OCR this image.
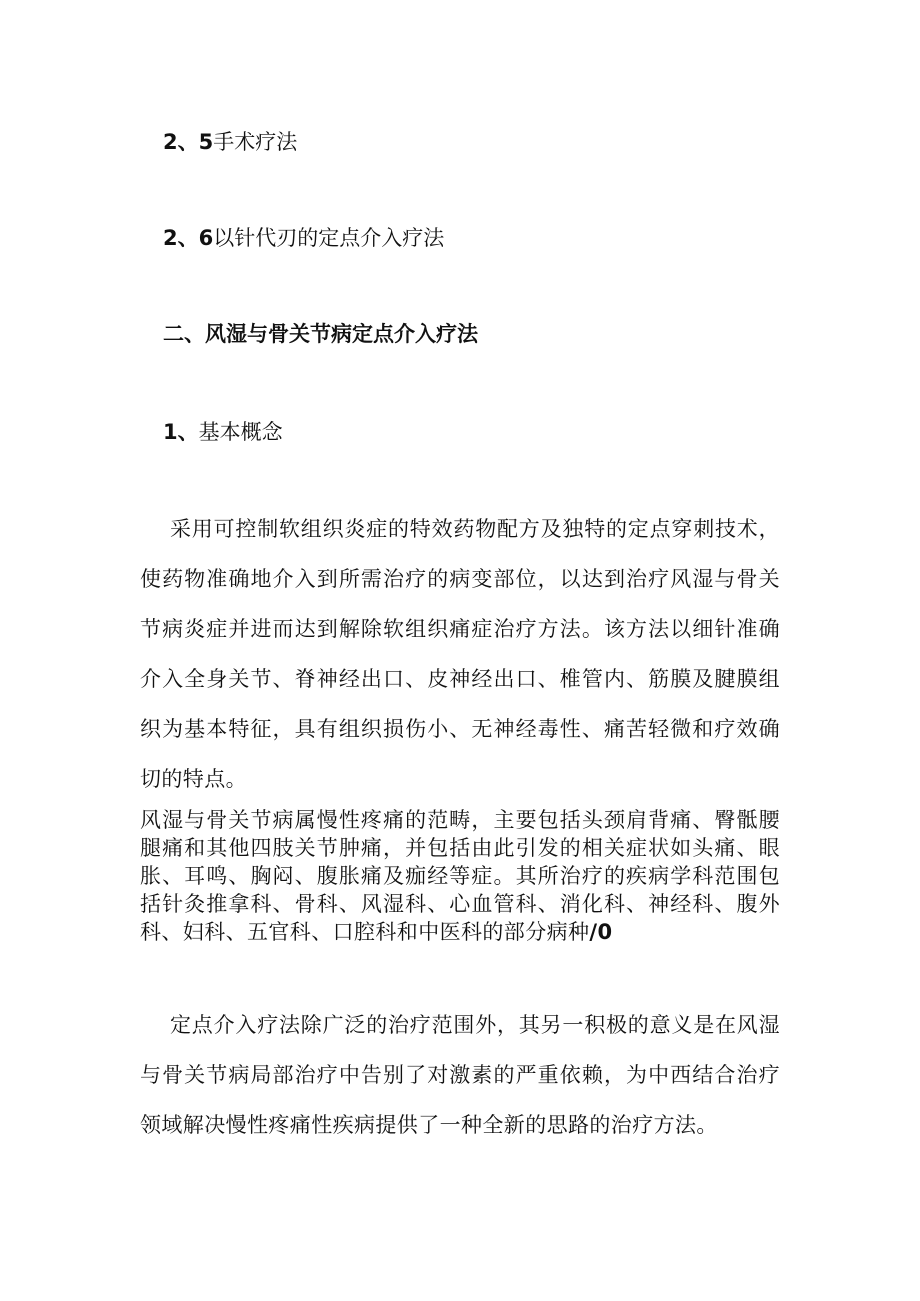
2、5手术疗法
2、6以针代刃的定点介入疗法
二、风湿与骨关节病定点介入疗法
1、基本概念

采用可控制软组织炎症的特效药物配方及独特的定点穿刺技术，使药物准确地介入到所需治疗的病变部位，以达到治疗风湿与骨关节病炎症并进而达到解除软组织痛症治疗方法。该方法以细针准确介入全身关节、脊神经出口、皮神经出口、椎管内、筋膜及腱膜组织为基本特征，具有组织损伤小、无神经毒性、痛苦轻微和疗效确切的特点。

风湿与骨关节病属慢性疼痛的范畴，主要包括头颈肩背痛、臀骶腰腿痛和其他四肢关节肿痛，并包括由此引发的相关症状如头痛、眼胀、耳鸣、胸闷、腹胀痛及痂经等症。其所治疗的疾病学科范围包括针灸推拿科、骨科、风湿科、心血管科、消化科、神经科、腹外科、妇科、五官科、口腔科和中医科的部分病种/0

定点介入疗法除广泛的治疗范围外，其另一积极的意义是在风湿与骨关节病局部治疗中告别了对激素的严重依赖，为中西结合治疗领域解决慢性疼痛性疾病提供了一种全新的思路的治疗方法。
